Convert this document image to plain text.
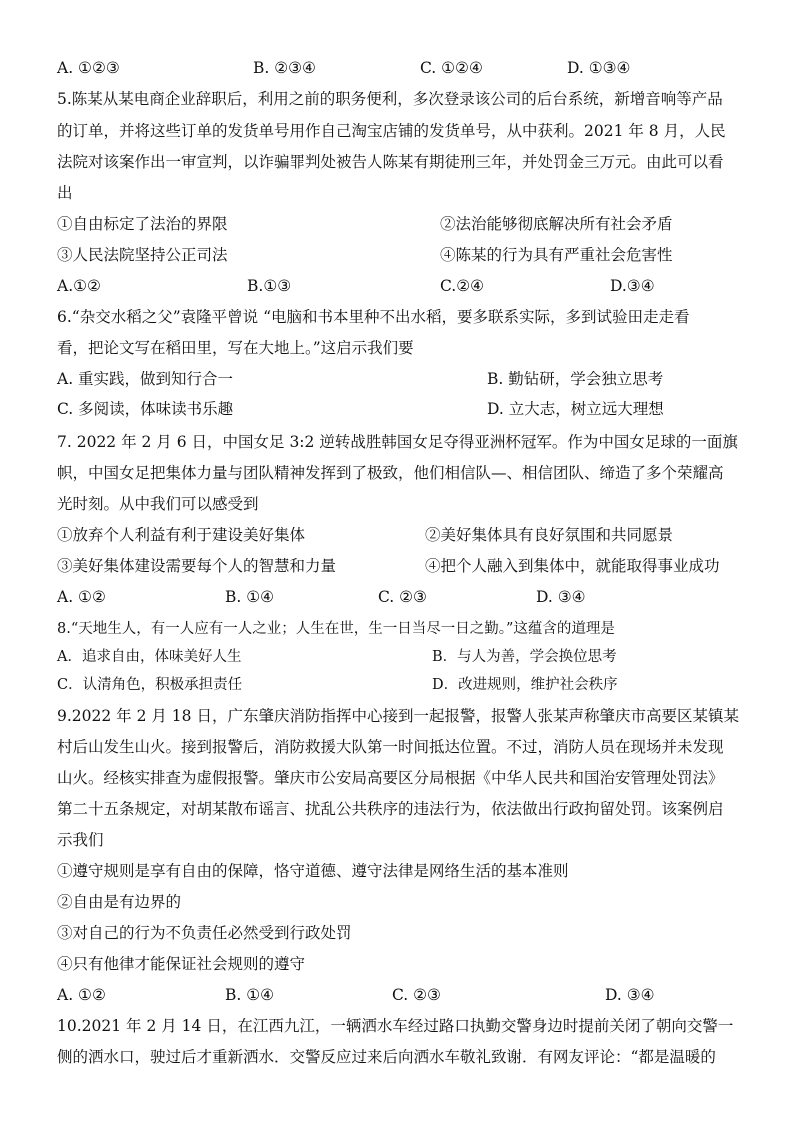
A. ①②③	B. ②③④	C. ①②④	D. ①③④
5.陈某从某电商企业辞职后，利用之前的职务便利，多次登录该公司的后台系统，新增音响等产品
的订单，并将这些订单的发货单号用作自己淘宝店铺的发货单号，从中获利。2021 年 8 月，人民
法院对该案作出一审宣判，以诈骗罪判处被告人陈某有期徒刑三年，并处罚金三万元。由此可以看
出
①自由标定了法治的界限	②法治能够彻底解决所有社会矛盾
③人民法院坚持公正司法	④陈某的行为具有严重社会危害性
A.①②	B.①③	C.②④	D.③④
6.“杂交水稻之父”袁隆平曾说 “电脑和书本里种不出水稻，要多联系实际，多到试验田走走看
看，把论文写在稻田里，写在大地上。”这启示我们要
A. 重实践，做到知行合一	B. 勤钻研，学会独立思考
C. 多阅读，体味读书乐趣	D. 立大志，树立远大理想
7. 2022 年 2 月 6 日，中国女足 3:2 逆转战胜韩国女足夺得亚洲杯冠军。作为中国女足球的一面旗
帜，中国女足把集体力量与团队精神发挥到了极致，他们相信队—、相信团队、缔造了多个荣耀高
光时刻。从中我们可以感受到
①放弃个人利益有利于建设美好集体	②美好集体具有良好氛围和共同愿景
③美好集体建设需要每个人的智慧和力量	④把个人融入到集体中，就能取得事业成功
A. ①②	B. ①④	C. ②③	D. ③④
8.“天地生人，有一人应有一人之业；人生在世，生一日当尽一日之勤。”这蕴含的道理是
A．追求自由，体味美好人生	B．与人为善，学会换位思考
C．认清角色，积极承担责任	D．改进规则，维护社会秩序
9.2022 年 2 月 18 日，广东肇庆消防指挥中心接到一起报警，报警人张某声称肇庆市高要区某镇某
村后山发生山火。接到报警后，消防救援大队第一时间抵达位置。不过，消防人员在现场并未发现
山火。经核实排查为虚假报警。肇庆市公安局高要区分局根据《中华人民共和国治安管理处罚法》
第二十五条规定，对胡某散布谣言、扰乱公共秩序的违法行为，依法做出行政拘留处罚。该案例启
示我们
①遵守规则是享有自由的保障，恪守道德、遵守法律是网络生活的基本准则
②自由是有边界的
③对自己的行为不负责任必然受到行政处罚
④只有他律才能保证社会规则的遵守
A. ①②	B. ①④	C. ②③	D. ③④
10.2021 年 2 月 14 日，在江西九江，一辆洒水车经过路口执勤交警身边时提前关闭了朝向交警一
侧的洒水口，驶过后才重新洒水．交警反应过来后向洒水车敬礼致谢．有网友评论：“都是温暖的
